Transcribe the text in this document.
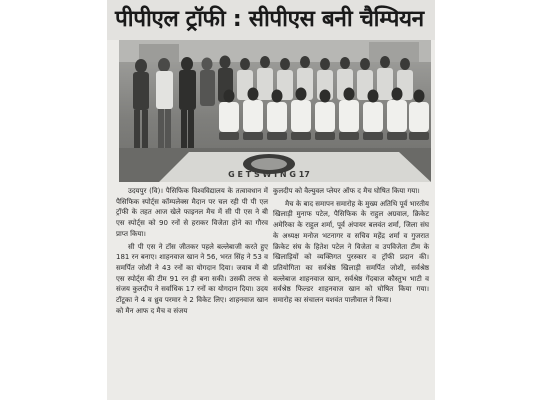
पीपीएल ट्रॉफी : सीपीएस बनी चैम्पियन
G E T S W I N G 17

उदयपुर (वि)। पैसिफिक विश्वविद्यालय के तत्वावधान में पैसिफिक स्पोर्ट्स कॉम्पलेक्स मैदान पर चल रही पी पी एल ट्रॉफी के तहत आज खेले फाइनल मैच में सी पी एस ने बी एस स्पोर्ट्स को 90 रनों से हराकर विजेता होने का गौरव प्राप्त किया।

सी पी एस ने टॉस जीतकर पहले बल्लेबाजी करते हुए 181 रन बनाए। शाहनवाज खान ने 56, भरत सिंह ने 53 व समर्पित जोशी ने 43 रनों का योगदान दिया। जवाब में बी एस स्पोर्ट्स की टीम 91 रन ही बना सकी। उसकी तरफ से संजय कुलदीप ने सर्वाधिक 17 रनों का योगदान दिया। उदय टॉटूका ने 4 व ध्रुव परमार ने 2 विकेट लिए। शाहनवाज खान को मैन आफ द मैच व संजय

कुलदीप को वैल्युवल प्लेयर ऑफ द मैच घोषित किया गया।

मैच के बाद समापन समारोह के मुख्य अतिथि पूर्व भारतीय खिलाड़ी मुनाफ पटेल, पैसिफिक के राहुल अग्रवाल, क्रिकेट अमेरिका के राहुल शर्मा, पूर्व अंपायर बलवंत शर्मा, जिला संघ के अध्यक्ष मनोज भटनागर व सचिव महेंद्र शर्मा व गुजरात क्रिकेट संघ के हितेश पटेल ने विजेता व उपविजेता टीम के खिलाड़ियों को व्यक्तिगत पुरस्कार व ट्रॉफी प्रदान की। प्रतियोगिता का सर्वश्रेष्ठ खिलाड़ी समर्पित जोशी, सर्वश्रेष्ठ बल्लेबाज शाहनवाज खान, सर्वश्रेष्ठ गेंदबाज कौस्तुभ भाटी व सर्वश्रेष्ठ फिल्डर शाहनवाज खान को घोषित किया गया। समारोह का संचालन यशवंत पालीवाल ने किया।
